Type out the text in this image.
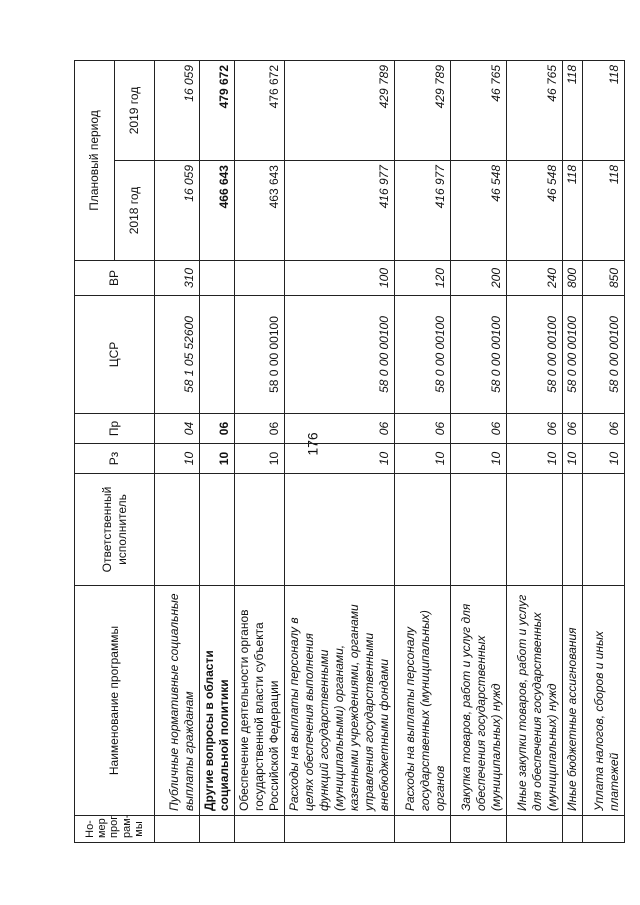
176
Но-
мер
прог
рам-
мы	Наименование программы	Ответственный исполнитель	Рз	Пр	ЦСР	ВР	Плановый период	
							2018 год	2019 год
	Публичные нормативные социальные выплаты гражданам		10	04	58 1 05 52600	310	16 059	16 059
	Другие вопросы в области социальной политики		10	06			466 643	479 672
	Обеспечение деятельности органов государственной власти субъекта Российской Федерации		10	06	58 0 00 00100		463 643	476 672
	Расходы на выплаты персоналу в целях обеспечения выполнения функций государственными (муниципальными) органами, казенными учреждениями, органами управления государственными внебюджетными фондами		10	06	58 0 00 00100	100	416 977	429 789
	Расходы на выплаты персоналу государственных (муниципальных) органов		10	06	58 0 00 00100	120	416 977	429 789
	Закупка товаров, работ и услуг для обеспечения государственных (муниципальных) нужд		10	06	58 0 00 00100	200	46 548	46 765
	Иные закупки товаров, работ и услуг для обеспечения государственных (муниципальных) нужд		10	06	58 0 00 00100	240	46 548	46 765
	Иные бюджетные ассигнования		10	06	58 0 00 00100	800	118	118
	Уплата налогов, сборов и иных платежей		10	06	58 0 00 00100	850	118	118
